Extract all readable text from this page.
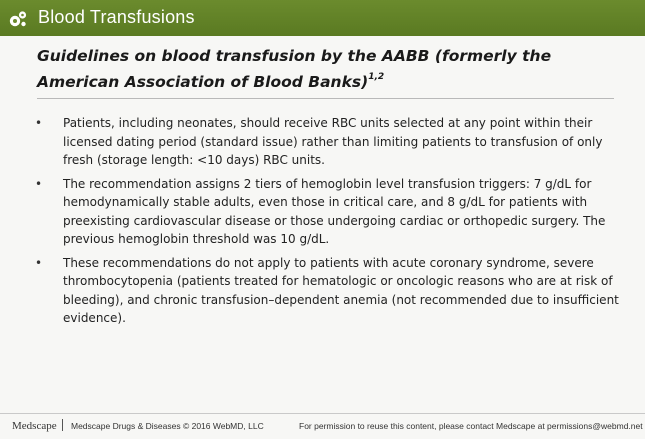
Blood Transfusions
Guidelines on blood transfusion by the AABB (formerly the American Association of Blood Banks)$^{1,2}$
• Patients, including neonates, should receive RBC units selected at any point within their licensed dating period (standard issue) rather than limiting patients to transfusion of only fresh (storage length: <10 days) RBC units.
• The recommendation assigns 2 tiers of hemoglobin level transfusion triggers: 7 g/dL for hemodynamically stable adults, even those in critical care, and 8 g/dL for patients with preexisting cardiovascular disease or those undergoing cardiac or orthopedic surgery. The previous hemoglobin threshold was 10 g/dL.
• These recommendations do not apply to patients with acute coronary syndrome, severe thrombocytopenia (patients treated for hematologic or oncologic reasons who are at risk of bleeding), and chronic transfusion–dependent anemia (not recommended due to insufficient evidence).
Medscape Medscape Drugs & Diseases © 2016 WebMD, LLC	For permission to reuse this content, please contact Medscape at permissions@webmd.net
